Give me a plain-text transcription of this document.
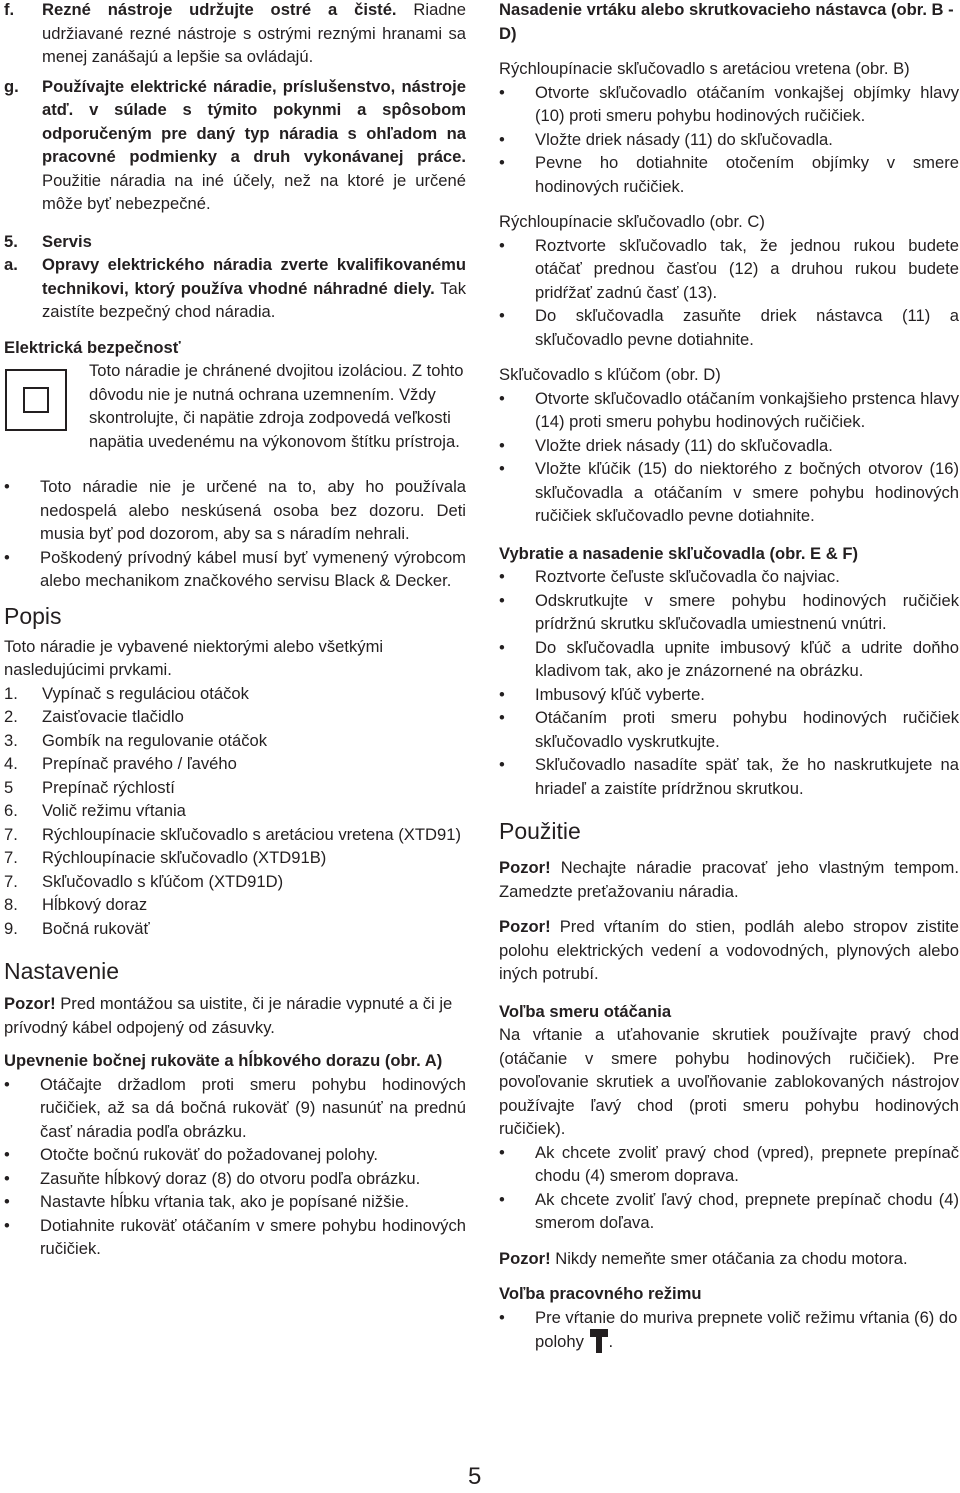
f.	Rezné nástroje udržujte ostré a čisté. Riadne udržiavané rezné nástroje s ostrými reznými hranami sa menej zanášajú a lepšie sa ovládajú.

g.	Používajte elektrické náradie, príslušenstvo, nástroje atď. v súlade s týmito pokynmi a spôsobom odporučeným pre daný typ náradia s ohľadom na pracovné podmienky a druh vykonávanej práce. Použitie náradia na iné účely, než na ktoré je určené môže byť nebezpečné.

5.	Servis
a.	Opravy elektrického náradia zverte kvalifikovanému technikovi, ktorý používa vhodné náhradné diely. Tak zaistíte bezpečný chod náradia.

Elektrická bezpečnosť

Toto náradie je chránené dvojitou izoláciou. Z tohto dôvodu nie je nutná ochrana uzemnením. Vždy skontrolujte, či napätie zdroja zodpovedá veľkosti napätia uvedenému na výkonovom štítku prístroja.

•	Toto náradie nie je určené na to, aby ho používala nedospelá alebo neskúsená osoba bez dozoru. Deti musia byť pod dozorom, aby sa s náradím nehrali.

•	Poškodený prívodný kábel musí byť vymenený výrobcom alebo mechanikom značkového servisu Black & Decker.

Popis

Toto náradie je vybavené niektorými alebo všetkými nasledujúcimi prvkami.

1.	Vypínač s reguláciou otáčok
2.	Zaisťovacie tlačidlo
3.	Gombík na regulovanie otáčok
4.	Prepínač pravého / ľavého
5	Prepínač rýchlostí
6.	Volič režimu vŕtania
7.	Rýchloupínacie skľučovadlo s aretáciou vretena (XTD91)
7.	Rýchloupínacie skľučovadlo (XTD91B)
7.	Skľučovadlo s kľúčom (XTD91D)
8.	Hĺbkový doraz
9.	Bočná rukoväť

Nastavenie

Pozor! Pred montážou sa uistite, či je náradie vypnuté a či je prívodný kábel odpojený od zásuvky.

Upevnenie bočnej rukoväte a hĺbkového dorazu (obr. A)

•	Otáčajte držadlom proti smeru pohybu hodinových ručičiek, až sa dá bočná rukoväť (9) nasunúť na prednú časť náradia podľa obrázku.

•	Otočte bočnú rukoväť do požadovanej polohy.

•	Zasuňte hĺbkový doraz (8) do otvoru podľa obrázku.

•	Nastavte hĺbku vŕtania tak, ako je popísané nižšie.

•	Dotiahnite rukoväť otáčaním v smere pohybu hodinových ručičiek.

Nasadenie vrtáku alebo skrutkovacieho nástavca (obr. B - D)

Rýchloupínacie skľučovadlo s aretáciou vretena (obr. B)

•	Otvorte skľučovadlo otáčaním vonkajšej objímky hlavy (10) proti smeru pohybu hodinových ručičiek.

•	Vložte driek násady (11) do skľučovadla.

•	Pevne ho dotiahnite otočením objímky v smere hodinových ručičiek.

Rýchloupínacie skľučovadlo (obr. C)

•	Roztvorte skľučovadlo tak, že jednou rukou budete otáčať prednou časťou (12) a druhou rukou budete pridŕžať zadnú časť (13).

•	Do skľučovadla zasuňte driek nástavca (11) a skľučovadlo pevne dotiahnite.

Skľučovadlo s kľúčom (obr. D)

•	Otvorte skľučovadlo otáčaním vonkajšieho prstenca hlavy (14) proti smeru pohybu hodinových ručičiek.

•	Vložte driek násady (11) do skľučovadla.

•	Vložte kľúčik (15) do niektorého z bočných otvorov (16) skľučovadla a otáčaním v smere pohybu hodinových ručičiek skľučovadlo pevne dotiahnite.

Vybratie a nasadenie skľučovadla (obr. E & F)

•	Roztvorte čeľuste skľučovadla čo najviac.

•	Odskrutkujte v smere pohybu hodinových ručičiek prídržnú skrutku skľučovadla umiestnenú vnútri.

•	Do skľučovadla upnite imbusový kľúč a udrite doňho kladivom tak, ako je znázornené na obrázku.

•	Imbusový kľúč vyberte.

•	Otáčaním proti smeru pohybu hodinových ručičiek skľučovadlo vyskrutkujte.

•	Skľučovadlo nasadíte späť tak, že ho naskrutkujete na hriadeľ a zaistíte prídržnou skrutkou.

Použitie

Pozor! Nechajte náradie pracovať jeho vlastným tempom. Zamedzte preťažovaniu náradia.

Pozor! Pred vŕtaním do stien, podláh alebo stropov zistite polohu elektrických vedení a vodovodných, plynových alebo iných potrubí.

Voľba smeru otáčania

Na vŕtanie a uťahovanie skrutiek používajte pravý chod (otáčanie v smere pohybu hodinových ručičiek). Pre povoľovanie skrutiek a uvoľňovanie zablokovaných nástrojov používajte ľavý chod (proti smeru pohybu hodinových ručičiek).

•	Ak chcete zvoliť pravý chod (vpred), prepnete prepínač chodu (4) smerom doprava.

•	Ak chcete zvoliť ľavý chod, prepnete prepínač chodu (4) smerom doľava.

Pozor! Nikdy nemeňte smer otáčania za chodu motora.

Voľba pracovného režimu

•	Pre vŕtanie do muriva prepnete volič režimu vŕtania (6) do polohy .

5
